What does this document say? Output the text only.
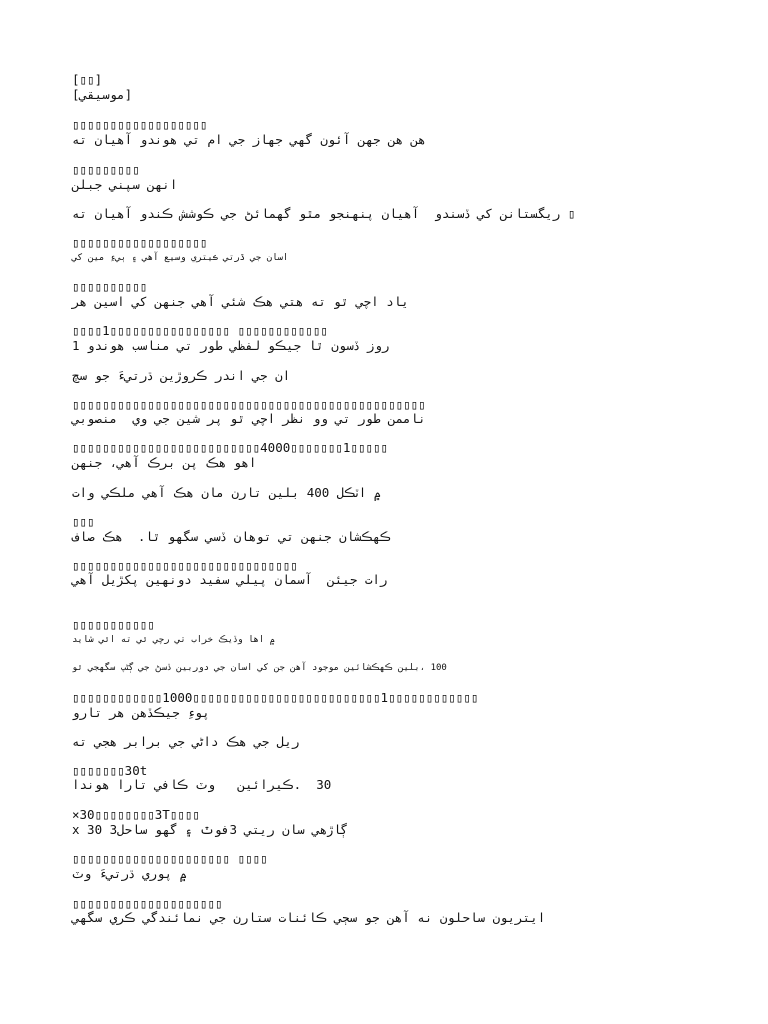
[▯▯]
[موسيقي]
▯▯▯▯▯▯▯▯▯▯▯▯▯▯▯▯▯▯
هن هن جهن آئون گهي جهاز جي ام تي هوندو آهيان ته
▯▯▯▯▯▯▯▯▯
انهن سپني جبلن
▯ ريگستانن کي ڏسندو  آهيان پنهنجو مٿو گهمائڻ جي ڪوشش ڪندو آهيان ته
▯▯▯▯▯▯▯▯▯▯▯▯▯▯▯▯▯▯
اسان جي ڌرتي ڪيتري وسيع آهي ۽ ٻيءِ مين کي
▯▯▯▯▯▯▯▯▯▯
ياد اچي ٿو ته هتي هڪ شئي آهي جنهن کي اسين هر
▯▯▯▯1▯▯▯▯▯▯▯▯▯▯▯▯▯▯▯▯ ▯▯▯▯▯▯▯▯▯▯▯▯
روز ڏسون ٿا جيڪو لفظي طور تي مناسب هوندو 1
ان جي اندر ڪروڙين ڌرتيءَ جو سچ
▯▯▯▯▯▯▯▯▯▯▯▯▯▯▯▯▯▯▯▯▯▯▯▯▯▯▯▯▯▯▯▯▯▯▯▯▯▯▯▯▯▯▯▯▯▯▯
ناممن طور تي وو نظر اچي ٿو پر شين جي وي  منصوبي
▯▯▯▯▯▯▯▯▯▯▯▯▯▯▯▯▯▯▯▯▯▯▯▯▯4000▯▯▯▯▯▯▯1▯▯▯▯▯
اهو هڪ پن برڪ آهي، جنهن
۾ اٽڪل 400 بلين تارن مان هڪ آهي ملڪي وات
▯▯▯
ڪهڪشان جنهن تي توهان ڏسي سگهو ٿا.  هڪ صاف
▯▯▯▯▯▯▯▯▯▯▯▯▯▯▯▯▯▯▯▯▯▯▯▯▯▯▯▯▯▯
رات جيئن  آسمان پيلي سفيد دونهين پکڙيل آهي
▯▯▯▯▯▯▯▯▯▯▯
۾ اها وڏيڪ خراب تي رچي ٿي ته اٿي شايد
100 ،بلين ڪهڪشائين موجود آهن جن کي اسان جي دوربين ڏسڻ جي ڳڻپ سگهجي ٿو
▯▯▯▯▯▯▯▯▯▯▯▯1000▯▯▯▯▯▯▯▯▯▯▯▯▯▯▯▯▯▯▯▯▯▯▯▯▯1▯▯▯▯▯▯▯▯▯▯▯▯
پوءِ جيڪڏهن هر تارو
ريل جي هڪ داڻي جي برابر هجي ته
▯▯▯▯▯▯▯30t
30  .ڪيرائين   وٽ ڪافي تارا هوندا
×30▯▯▯▯▯▯▯▯3T▯▯▯▯
x 30 3ڳاڙهي سان ريتي 3فوٽ ۽ گهو ساحل
▯▯▯▯▯▯▯▯▯▯▯▯▯▯▯▯▯▯▯▯▯ ▯▯▯▯
۾ پوري ڌرتيءَ وٽ
▯▯▯▯▯▯▯▯▯▯▯▯▯▯▯▯▯▯▯▯
ايتريون ساحلون نه آهن جو سڄي ڪائنات ستارن جي نمائندگي ڪري سگهي
